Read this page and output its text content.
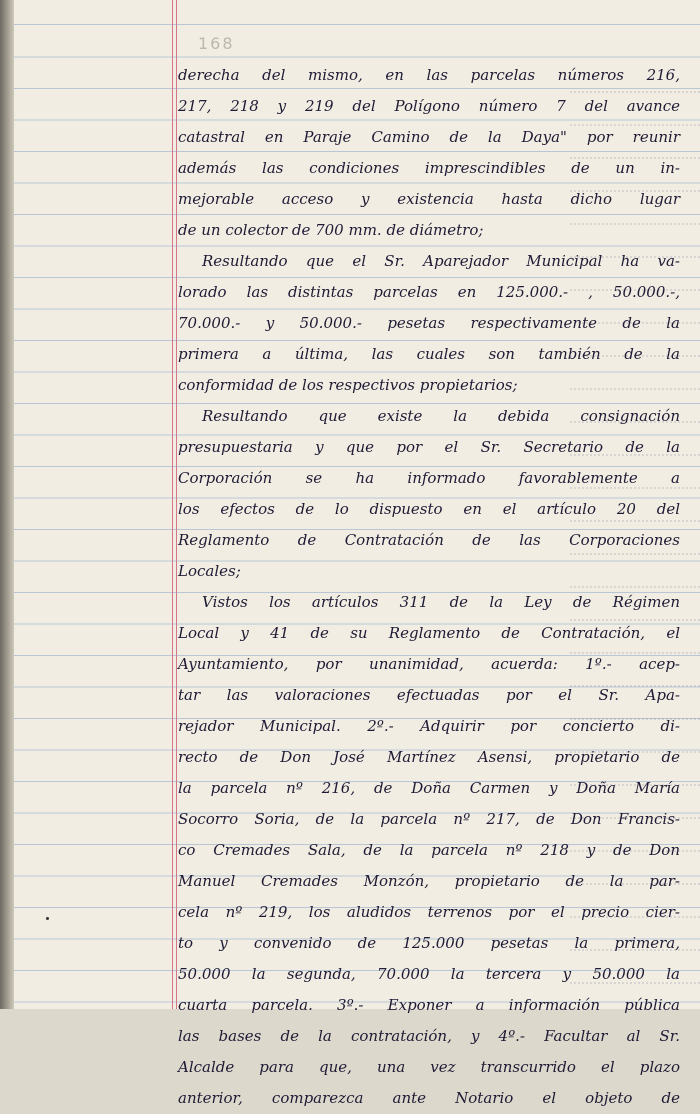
168
derecha del mismo, en las parcelas números 216,
217, 218 y 219 del Polígono número 7 del avance
catastral en Paraje Camino de la Daya" por reunir
además las condiciones imprescindibles de un in-
mejorable acceso y existencia hasta dicho lugar
de un colector de 700 mm. de diámetro;
Resultando que el Sr. Aparejador Municipal ha va-
lorado las distintas parcelas en 125.000.- , 50.000.-,
70.000.- y 50.000.- pesetas respectivamente de la
primera a última, las cuales son también de la
conformidad de los respectivos propietarios;
Resultando que existe la debida consignación
presupuestaria y que por el Sr. Secretario de la
Corporación se ha informado favorablemente a
los efectos de lo dispuesto en el artículo 20 del
Reglamento de Contratación de las Corporaciones
Locales;
Vistos los artículos 311 de la Ley de Régimen
Local y 41 de su Reglamento de Contratación, el
Ayuntamiento, por unanimidad, acuerda: 1º.- acep-
tar las valoraciones efectuadas por el Sr. Apa-
rejador Municipal. 2º.- Adquirir por concierto di-
recto de Don José Martínez Asensi, propietario de
la parcela nº 216, de Doña Carmen y Doña María
Socorro Soria, de la parcela nº 217, de Don Francis-
co Cremades Sala, de la parcela nº 218 y de Don
Manuel Cremades Monzón, propietario de la par-
cela nº 219, los aludidos terrenos por el precio cier-
to y convenido de 125.000 pesetas la primera,
50.000 la segunda, 70.000 la tercera y 50.000 la
cuarta parcela. 3º.- Exponer a información pública
las bases de la contratación, y 4º.- Facultar al Sr.
Alcalde para que, una vez transcurrido el plazo
anterior, comparezca ante Notario el objeto de
